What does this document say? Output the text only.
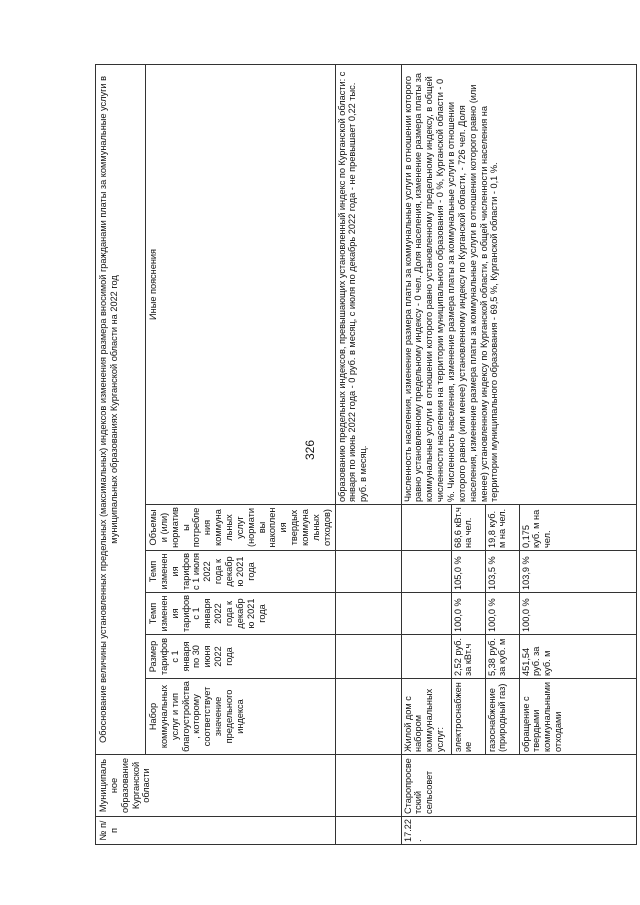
326
№ п/п	Муниципальное образование Курганской области	Обоснование величины установленных предельных (максимальных) индексов изменения размера вносимой гражданами платы за коммунальные услуги в муниципальных образованиях Курганской области на 2022 год					
		Набор коммунальных услуг и тип благоустройства, которому соответствует значение предельного индекса	Размер тарифов с 1 января по 30 июня 2022 года	Темп изменения тарифов с 1 января 2022 года к декабрю 2021 года	Темп изменения тарифов с 1 июля 2022 года к декабрю 2021 года	Объемы и (или) нормативы потребления коммунальных услуг (нормативы накопления твердых коммунальных отходов)	Иные пояснения
							образованию предельных индексов, превышающих установленный индекс по Курганской области: с января по июнь 2022 года - 0 руб. в месяц, с июля по декабрь 2022 года - не превышает 0,22 тыс. руб. в месяц.
17.22.	Старопросветский сельсовет	Жилой дом с набором коммунальных услуг:					Численность населения, изменение размера платы за коммунальные услуги в отношении которого равно установленному предельному индексу - 0 чел. Доля населения, изменение размера платы за коммунальные услуги в отношении которого равно установленному предельному индексу, в общей численности населения на территории муниципального образования - 0 %, Курганской области - 0 %. Численность населения, изменение размера платы за коммунальные услуги в отношении которого равно (или менее) установленному индексу по Курганской области, - 726 чел. Доля населения, изменение размера платы за коммунальные услуги в отношении которого равно (или менее) установленному индексу по Курганской области, в общей численности населения на территории муниципального образования - 69,5 %, Курганской области - 0,1 %.
		электроснабжение	2,52 руб. за кВт.ч	100,0 %	105,0 %	68,6 кВт.ч на чел.	
		газоснабжение (природный газ)	5,38 руб. за куб. м	100,0 %	103,5 %	19,8 куб. м на чел.	
		обращение с твердыми коммунальными отходами	451,54 руб. за куб. м	100,0 %	103,9 %	0,175 куб. м на чел.	
